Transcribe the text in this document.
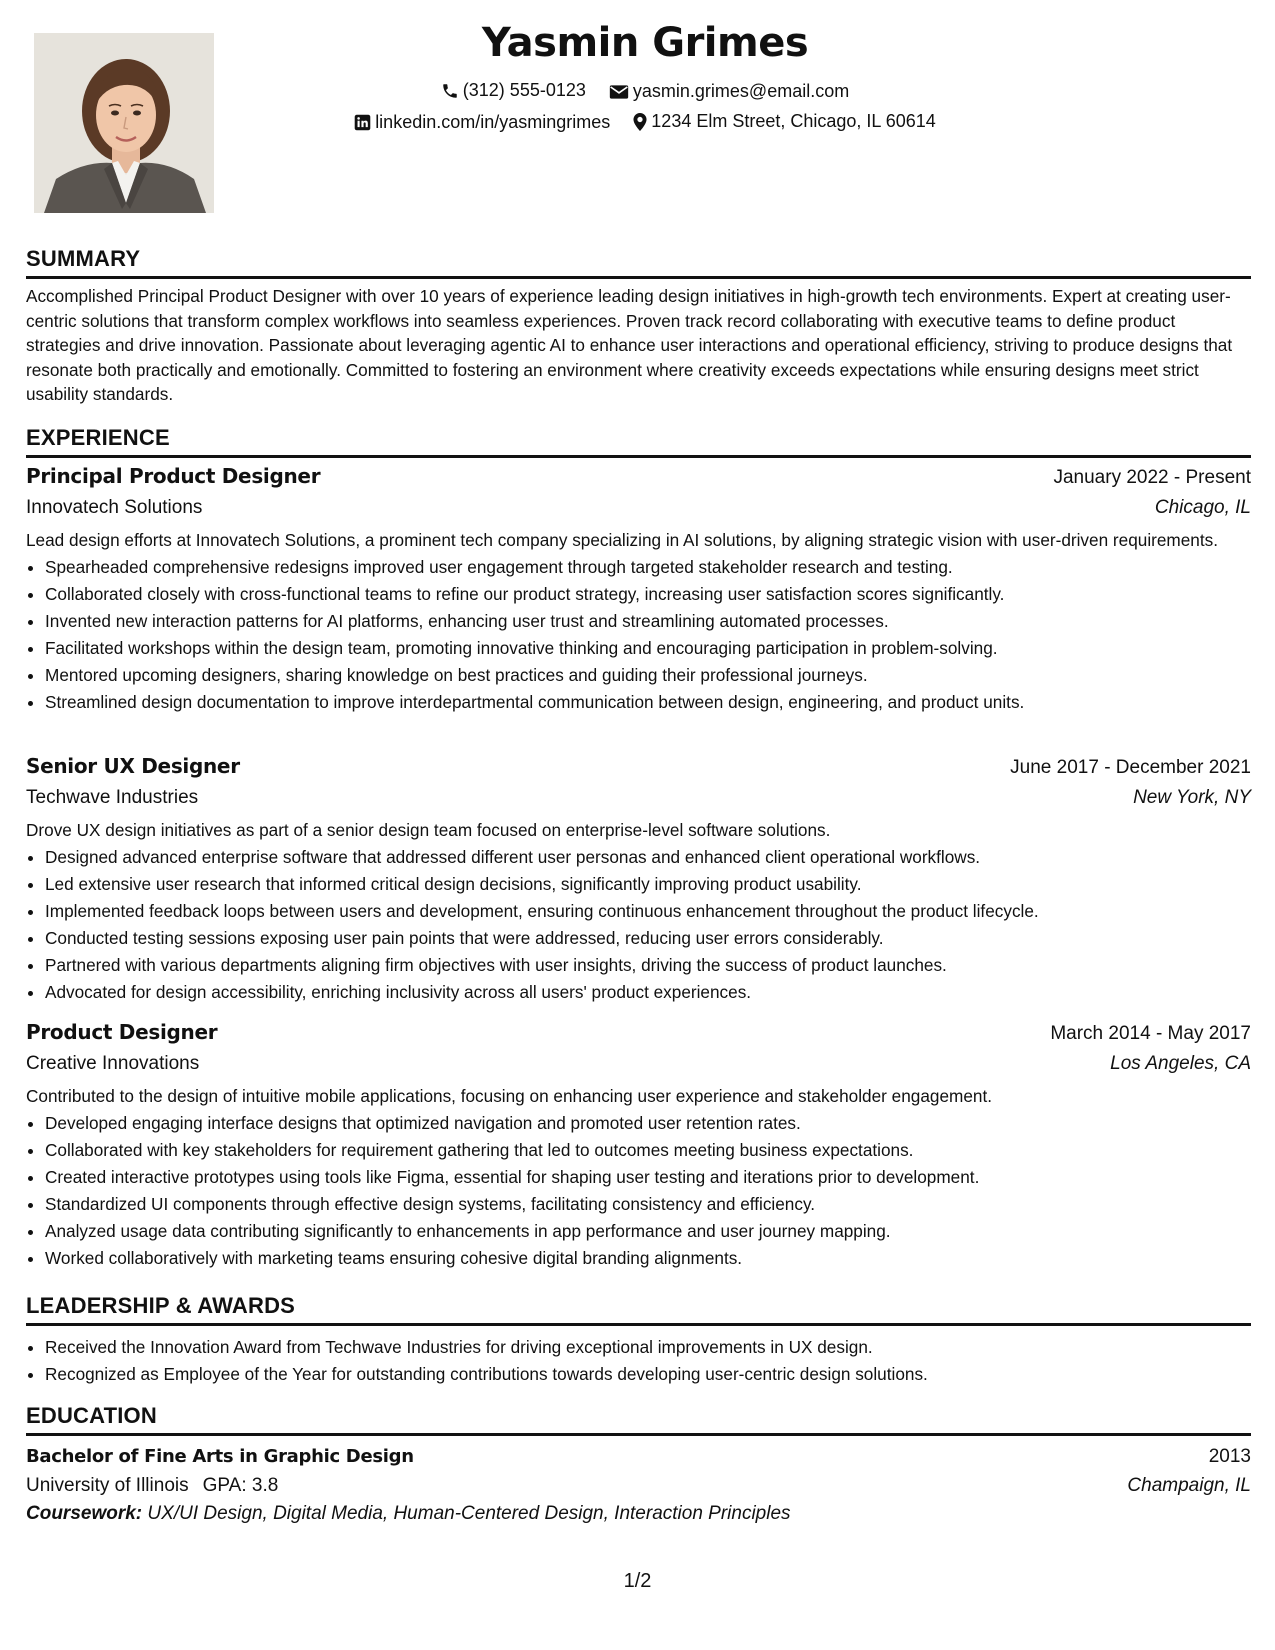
Yasmin Grimes
(312) 555-0123
	yasmin.grimes@email.com
linkedin.com/in/yasmingrimes
1234 Elm Street, Chicago, IL 60614
SUMMARY
Accomplished Principal Product Designer with over 10 years of experience leading design initiatives in high-growth tech environments. Expert at creating user-centric solutions that transform complex workflows into seamless experiences. Proven track record collaborating with executive teams to define product strategies and drive innovation. Passionate about leveraging agentic AI to enhance user interactions and operational efficiency, striving to produce designs that resonate both practically and emotionally. Committed to fostering an environment where creativity exceeds expectations while ensuring designs meet strict usability standards.
EXPERIENCE
Principal Product Designer	January 2022 - Present
Innovatech Solutions	Chicago, IL
Lead design efforts at Innovatech Solutions, a prominent tech company specializing in AI solutions, by aligning strategic vision with user-driven requirements.
• Spearheaded comprehensive redesigns improved user engagement through targeted stakeholder research and testing.
• Collaborated closely with cross-functional teams to refine our product strategy, increasing user satisfaction scores significantly.
• Invented new interaction patterns for AI platforms, enhancing user trust and streamlining automated processes.
• Facilitated workshops within the design team, promoting innovative thinking and encouraging participation in problem-solving.
• Mentored upcoming designers, sharing knowledge on best practices and guiding their professional journeys.
• Streamlined design documentation to improve interdepartmental communication between design, engineering, and product units.
Senior UX Designer	June 2017 - December 2021
Techwave Industries	New York, NY
Drove UX design initiatives as part of a senior design team focused on enterprise-level software solutions.
• Designed advanced enterprise software that addressed different user personas and enhanced client operational workflows.
• Led extensive user research that informed critical design decisions, significantly improving product usability.
• Implemented feedback loops between users and development, ensuring continuous enhancement throughout the product lifecycle.
• Conducted testing sessions exposing user pain points that were addressed, reducing user errors considerably.
• Partnered with various departments aligning firm objectives with user insights, driving the success of product launches.
• Advocated for design accessibility, enriching inclusivity across all users' product experiences.
Product Designer	March 2014 - May 2017
Creative Innovations	Los Angeles, CA
Contributed to the design of intuitive mobile applications, focusing on enhancing user experience and stakeholder engagement.
• Developed engaging interface designs that optimized navigation and promoted user retention rates.
• Collaborated with key stakeholders for requirement gathering that led to outcomes meeting business expectations.
• Created interactive prototypes using tools like Figma, essential for shaping user testing and iterations prior to development.
• Standardized UI components through effective design systems, facilitating consistency and efficiency.
• Analyzed usage data contributing significantly to enhancements in app performance and user journey mapping.
• Worked collaboratively with marketing teams ensuring cohesive digital branding alignments.
LEADERSHIP & AWARDS
• Received the Innovation Award from Techwave Industries for driving exceptional improvements in UX design.
• Recognized as Employee of the Year for outstanding contributions towards developing user-centric design solutions.
EDUCATION
Bachelor of Fine Arts in Graphic Design	2013
University of Illinois GPA: 3.8	Champaign, IL
Coursework: UX/UI Design, Digital Media, Human-Centered Design, Interaction Principles
1/2
